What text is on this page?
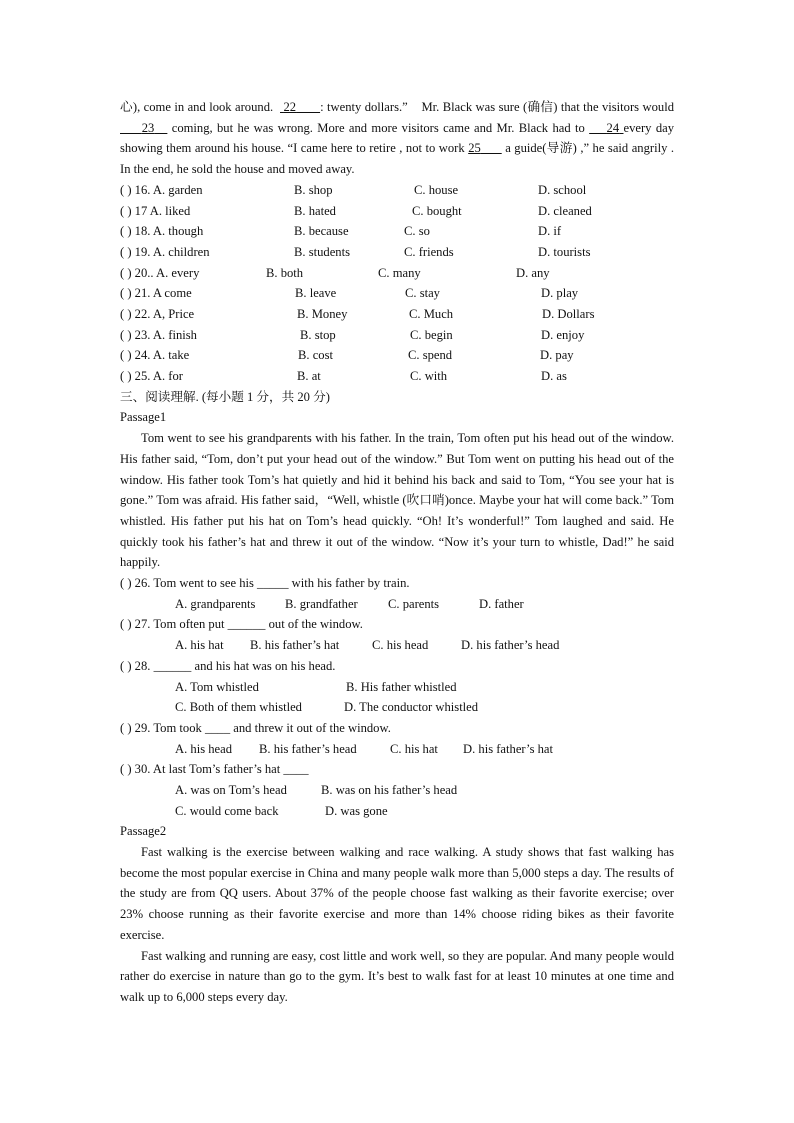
心), come in and look around. 22 : twenty dollars.” Mr. Black was sure (确信) that the visitors would      23 coming, but he was wrong. More and more visitors came and Mr. Black had to 24 every day showing them around his house. “I came here to retire , not to work 25 a guide(导游) ,” he said angrily . In the end, he sold the house and moved away.
( ) 16. A. garden	B. shop	C. house	D. school
( ) 17 A. liked	B. hated	C. bought	D. cleaned
( ) 18. A. though	B. because	C. so	D. if
( ) 19. A. children	B. students	C. friends	D. tourists
( ) 20.. A. every	B. both	C. many	D. any
( ) 21. A come	B. leave	C. stay	D. play
( ) 22. A, Price	B. Money	C. Much	D. Dollars
( ) 23. A. finish	B. stop	C. begin	D. enjoy
( ) 24. A. take	B. cost	C. spend	D. pay
( ) 25. A. for	B. at	C. with	D. as
三、阅读理解. (每小题 1 分，共 20 分)
Passage1
Tom went to see his grandparents with his father. In the train, Tom often put his head out of the window. His father said, “Tom, don’t put your head out of the window.” But Tom went on putting his head out of the window. His father took Tom’s hat quietly and hid it behind his back and said to Tom, “You see your hat is gone.” Tom was afraid. His father said，“Well, whistle (吹口哨)once. Maybe your hat will come back.” Tom whistled. His father put his hat on Tom’s head quickly. “Oh! It’s wonderful!” Tom laughed and said. He quickly took his father’s hat and threw it out of the window. “Now it’s your turn to whistle, Dad!” he said happily.
( ) 26. Tom went to see his _____ with his father by train.
A. grandparents B. grandfather C. parents	D. father
( ) 27. Tom often put ______ out of the window.
A. his hat B. his father’s hat	C. his head	D. his father’s head
( ) 28. ______ and his hat was on his head.
A. Tom whistled	B. His father whistled
C. Both of them whistled	D. The conductor whistled
( ) 29. Tom took ____ and threw it out of the window.
A. his head B. his father’s head	C. his hat D. his father’s hat
( ) 30. At last Tom’s father’s hat ____
A. was on Tom’s head	B. was on his father’s head
C. would come back	D. was gone
Passage2
Fast walking is the exercise between walking and race walking. A study shows that fast walking has become the most popular exercise in China and many people walk more than 5,000 steps a day. The results of the study are from QQ users. About 37% of the people choose fast walking as their favorite exercise; over 23% choose running as their favorite exercise and more than 14% choose riding bikes as their favorite exercise.
Fast walking and running are easy, cost little and work well, so they are popular. And many people would rather do exercise in nature than go to the gym. It’s best to walk fast for at least 10 minutes at one time and walk up to 6,000 steps every day.
